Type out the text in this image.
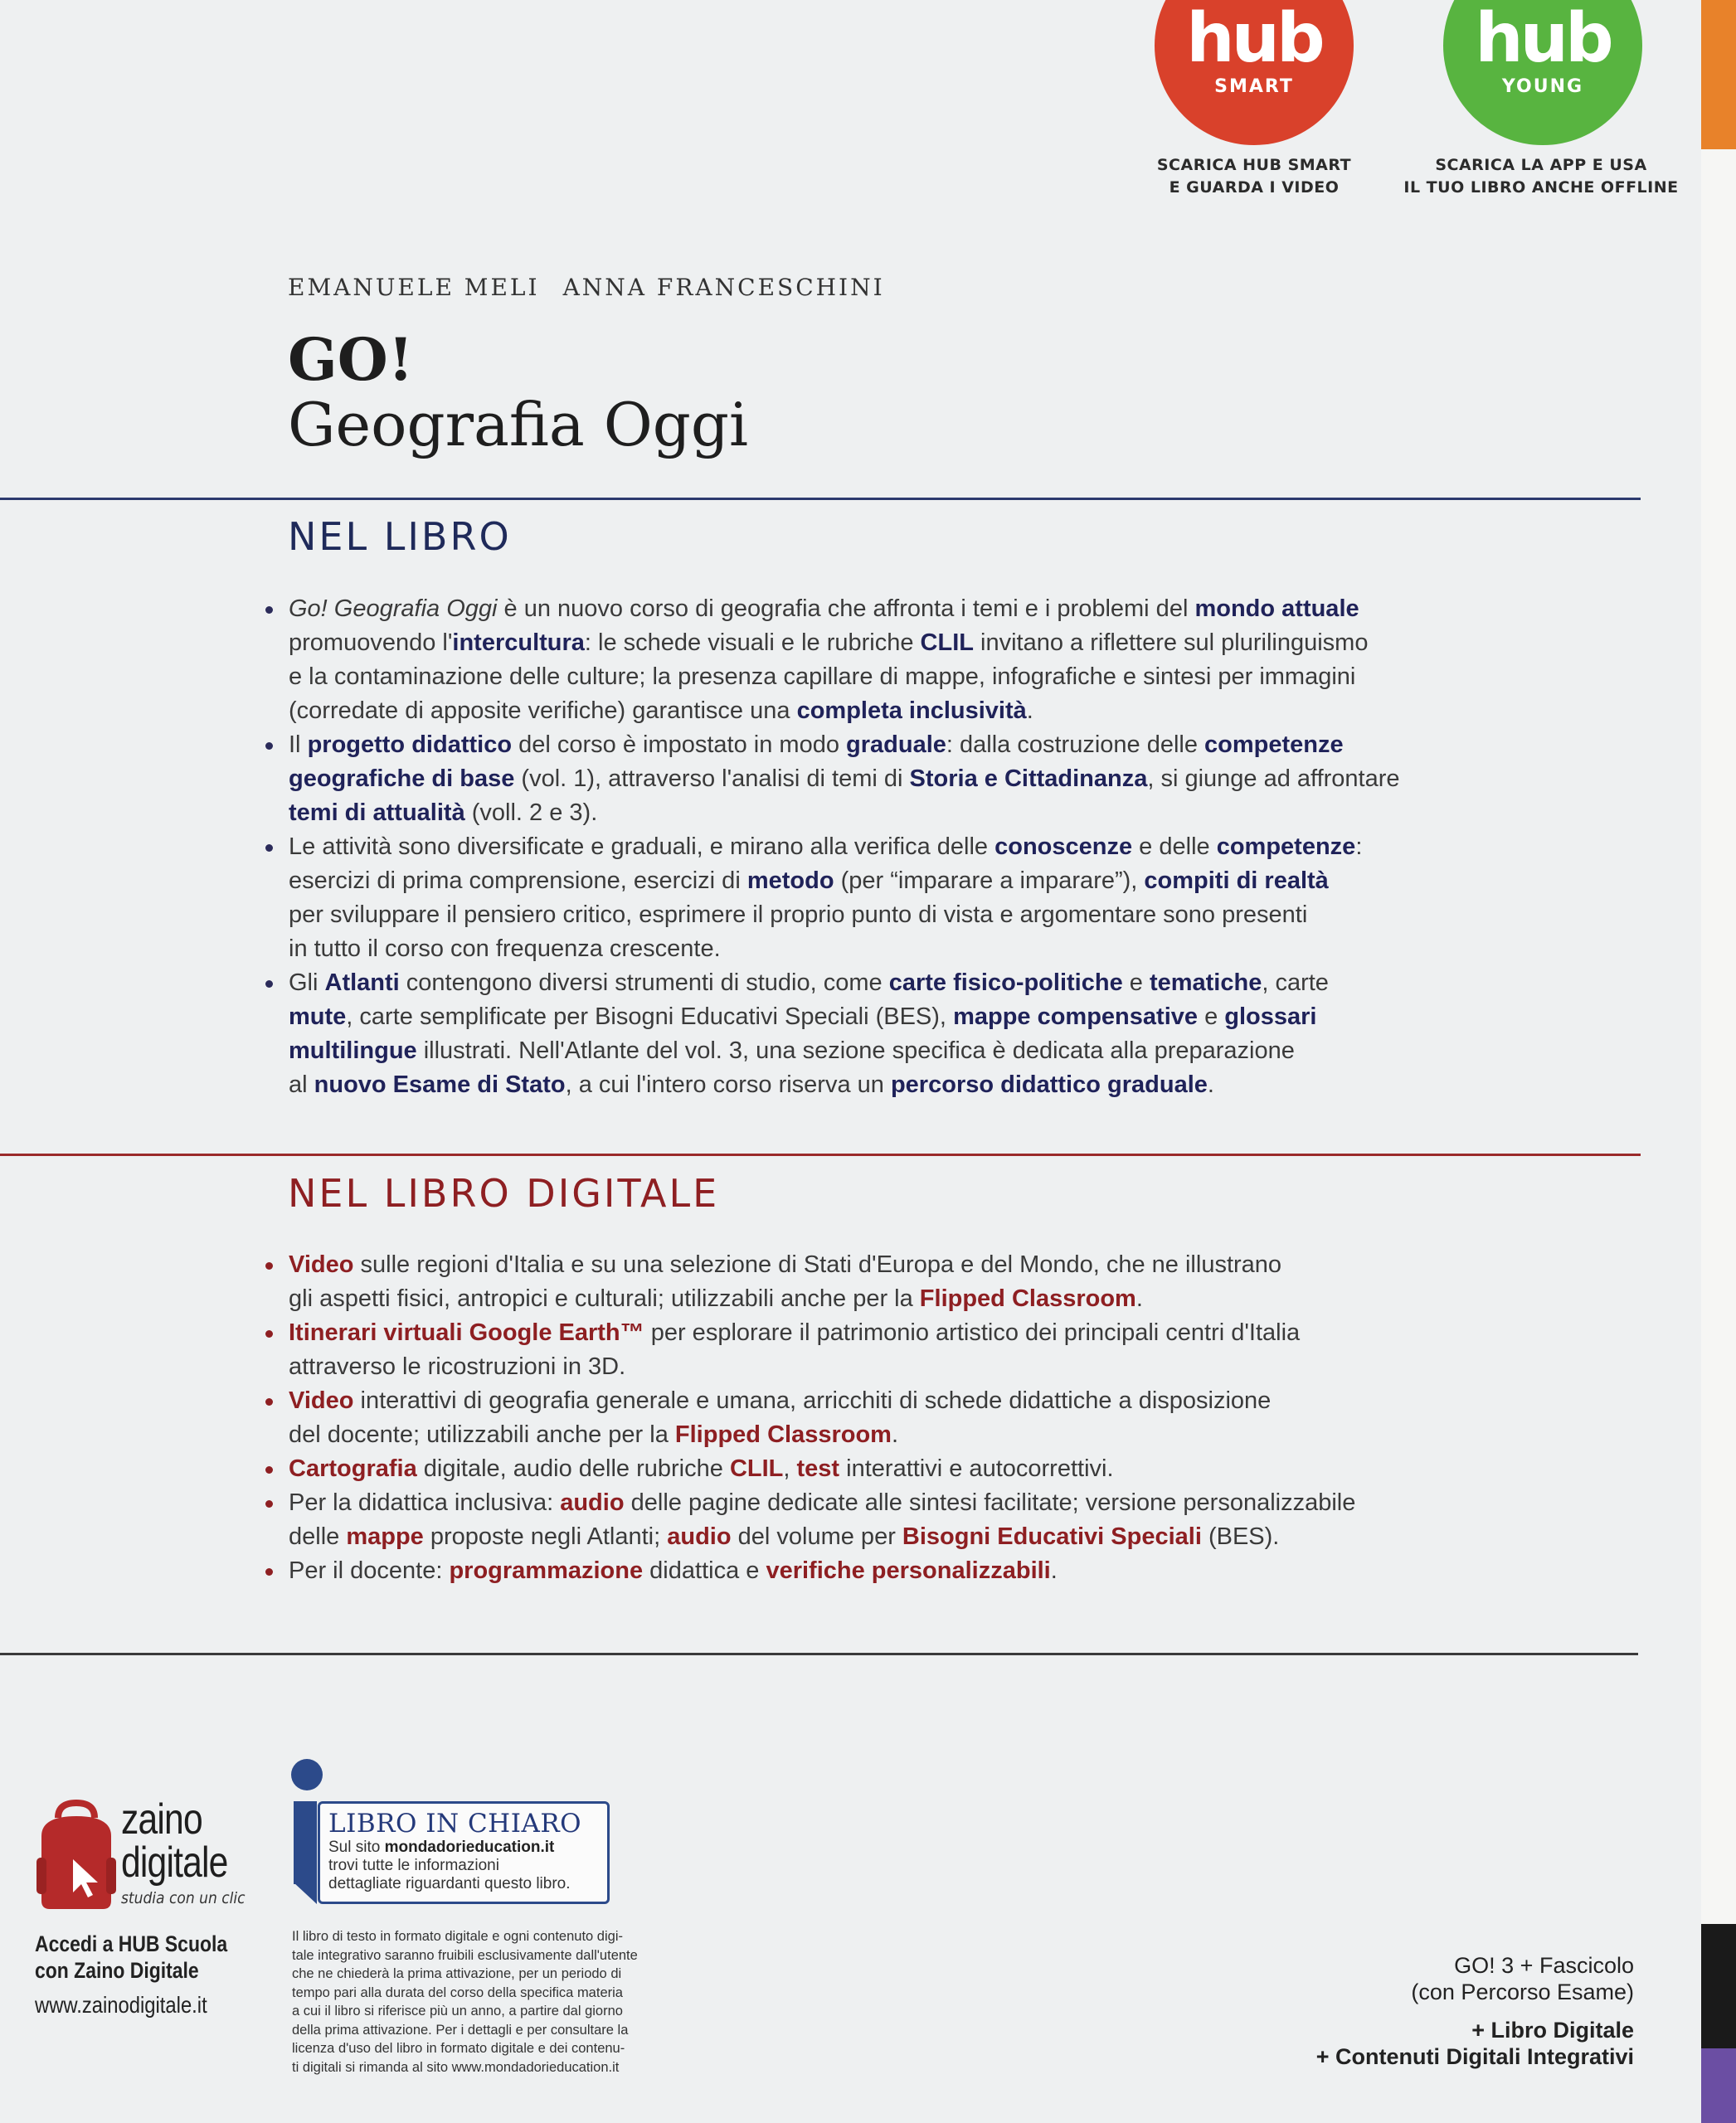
hub
SMART
SCARICA HUB SMART
E GUARDA I VIDEO
hub
YOUNG
SCARICA LA APP E USA
IL TUO LIBRO ANCHE OFFLINE
EMANUELE MELI ANNA FRANCESCHINI
GO!
Geografia Oggi
NEL LIBRO
Go! Geografia Oggi è un nuovo corso di geografia che affronta i temi e i problemi del mondo attuale
promuovendo l'intercultura: le schede visuali e le rubriche CLIL invitano a riflettere sul plurilinguismo
e la contaminazione delle culture; la presenza capillare di mappe, infografiche e sintesi per immagini
(corredate di apposite verifiche) garantisce una completa inclusività.
Il progetto didattico del corso è impostato in modo graduale: dalla costruzione delle competenze
geografiche di base (vol. 1), attraverso l'analisi di temi di Storia e Cittadinanza, si giunge ad affrontare
temi di attualità (voll. 2 e 3).
Le attività sono diversificate e graduali, e mirano alla verifica delle conoscenze e delle competenze:
esercizi di prima comprensione, esercizi di metodo (per “imparare a imparare”), compiti di realtà
per sviluppare il pensiero critico, esprimere il proprio punto di vista e argomentare sono presenti
in tutto il corso con frequenza crescente.
Gli Atlanti contengono diversi strumenti di studio, come carte fisico-politiche e tematiche, carte
mute, carte semplificate per Bisogni Educativi Speciali (BES), mappe compensative e glossari
multilingue illustrati. Nell'Atlante del vol. 3, una sezione specifica è dedicata alla preparazione
al nuovo Esame di Stato, a cui l'intero corso riserva un percorso didattico graduale.
NEL LIBRO DIGITALE
Video sulle regioni d'Italia e su una selezione di Stati d'Europa e del Mondo, che ne illustrano
gli aspetti fisici, antropici e culturali; utilizzabili anche per la Flipped Classroom.
Itinerari virtuali Google Earth™ per esplorare il patrimonio artistico dei principali centri d'Italia
attraverso le ricostruzioni in 3D.
Video interattivi di geografia generale e umana, arricchiti di schede didattiche a disposizione
del docente; utilizzabili anche per la Flipped Classroom.
Cartografia digitale, audio delle rubriche CLIL, test interattivi e autocorrettivi.
Per la didattica inclusiva: audio delle pagine dedicate alle sintesi facilitate; versione personalizzabile
delle mappe proposte negli Atlanti; audio del volume per Bisogni Educativi Speciali (BES).
Per il docente: programmazione didattica e verifiche personalizzabili.
zaino
digitale
studia con un clic
Accedi a HUB Scuola
con Zaino Digitale
www.zainodigitale.it
LIBRO IN CHIARO
Sul sito mondadorieducation.it
trovi tutte le informazioni
dettagliate riguardanti questo libro.
Il libro di testo in formato digitale e ogni contenuto digi-
tale integrativo saranno fruibili esclusivamente dall'utente
che ne chiederà la prima attivazione, per un periodo di
tempo pari alla durata del corso della specifica materia
a cui il libro si riferisce più un anno, a partire dal giorno
della prima attivazione. Per i dettagli e per consultare la
licenza d'uso del libro in formato digitale e dei contenu-
ti digitali si rimanda al sito www.mondadorieducation.it
GO! 3 + Fascicolo
(con Percorso Esame)
+ Libro Digitale
+ Contenuti Digitali Integrativi
